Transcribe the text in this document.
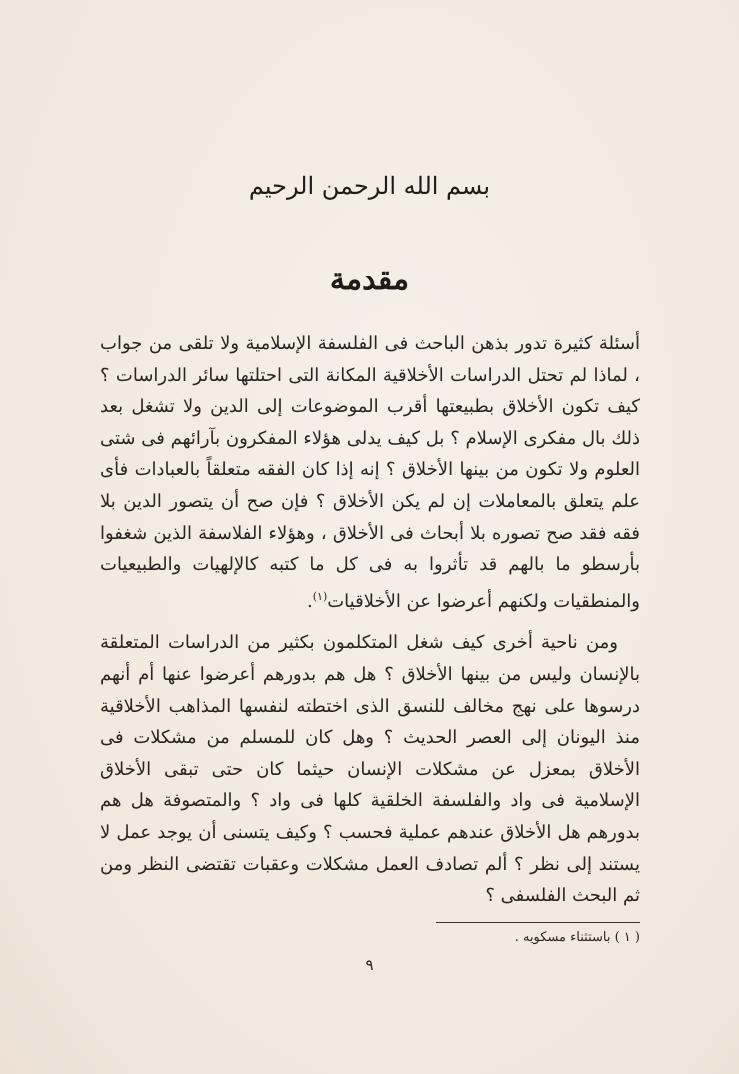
بسم الله الرحمن الرحيم
مقدمة

أسئلة كثيرة تدور بذهن الباحث فى الفلسفة الإسلامية ولا تلقى من جواب ، لماذا لم تحتل الدراسات الأخلاقية المكانة التى احتلتها سائر الدراسات ؟ كيف تكون الأخلاق بطبيعتها أقرب الموضوعات إلى الدين ولا تشغل بعد ذلك بال مفكرى الإسلام ؟ بل كيف يدلى هؤلاء المفكرون بآرائهم فى شتى العلوم ولا تكون من بينها الأخلاق ؟ إنه إذا كان الفقه متعلقاً بالعبادات فأى علم يتعلق بالمعاملات إن لم يكن الأخلاق ؟ فإن صح أن يتصور الدين بلا فقه فقد صح تصوره بلا أبحاث فى الأخلاق ، وهؤلاء الفلاسفة الذين شغفوا بأرسطو ما بالهم قد تأثروا به فى كل ما كتبه كالإلهيات والطبيعيات والمنطقيات ولكنهم أعرضوا عن الأخلاقيات$^{(١)}$.

ومن ناحية أخرى كيف شغل المتكلمون بكثير من الدراسات المتعلقة بالإنسان وليس من بينها الأخلاق ؟ هل هم بدورهم أعرضوا عنها أم أنهم درسوها على نهج مخالف للنسق الذى اختطته لنفسها المذاهب الأخلاقية منذ اليونان إلى العصر الحديث ؟ وهل كان للمسلم من مشكلات فى الأخلاق بمعزل عن مشكلات الإنسان حيثما كان حتى تبقى الأخلاق الإسلامية فى واد والفلسفة الخلقية كلها فى واد ؟ والمتصوفة هل هم بدورهم هل الأخلاق عندهم عملية فحسب ؟ وكيف يتسنى أن يوجد عمل لا يستند إلى نظر ؟ ألم تصادف العمل مشكلات وعقبات تقتضى النظر ومن ثم البحث الفلسفى ؟

( ١ ) باستثناء مسكويه .
٩
